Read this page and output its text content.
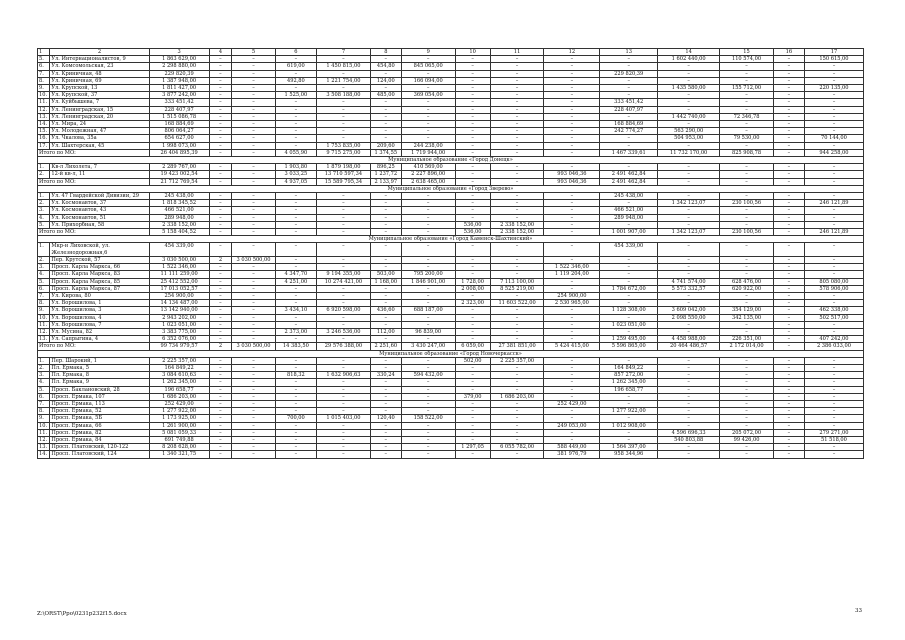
1	2	3	4	5	6	7	8	9	10	11	12	13	14	15	16	17
5.	Ул. Интернационалистов, 9	1 863 629,00	–	–	–	–	–	–	–	–	–	–	1 602 440,00	110 574,00	–	150 615,00
6.	Ул. Комсомольская, 23	2 298 880,00	–	–	619,00	1 450 815,00	454,80	845 065,00	–	–	–	–	–	–	–	–
7.	Ул. Криничная, 48	229 820,39	–	–	–	–	–	–	–	–	–	229 820,39	–	–	–	–
8.	Ул. Криничная, 69	1 387 948,00	–	–	492,80	1 221 754,00	124,00	166 094,00	–	–	–	–	–	–	–	–
9.	Ул. Крупской, 13	1 811 427,00	–	–	–	–	–	–	–	–	–	–	1 435 580,00	155 712,00	–	220 135,00
10.	Ул. Крупской, 37	3 877 242,00	–	–	1 525,00	3 508 188,00	485,00	369 054,00	–	–	–	–	–	–	–	–
11.	Ул. Куйбышева, 7	333 451,42	–	–	–	–	–	–	–	–	–	333 451,42	–	–	–	–
12.	Ул. Ленинградская, 15	228 407,97	–	–	–	–	–	–	–	–	–	228 407,97	–	–	–	–
13.	Ул. Ленинградская, 20	1 515 086,78	–	–	–	–	–	–	–	–	–	–	1 442 740,00	72 346,78	–	–
14.	Ул. Мира, 24	168 884,69	–	–	–	–	–	–	–	–	–	168 884,69	–	–	–	–
15.	Ул. Молодежная, 47	806 064,27	–	–	–	–	–	–	–	–	–	242 774,27	563 290,00	–	–	–
16.	Ул. Чкалова, 35а	654 627,00	–	–	–	–	–	–	–	–	–	–	504 953,00	79 530,00	–	70 144,00
17.	Ул. Шахтерская, 45	1 998 073,00	–	–	–	1 753 835,00	209,60	244 238,00	–	–	–	–	–	–	–	–
Итого по МО:		26 404 895,39	–	–	4 055,90	9 715 275,00	1 374,55	1 719 944,00	–	–	–	1 467 339,61	11 732 170,00	825 908,78	–	944 258,00
Муниципальное образование «Город Донецк»																
1.	Кв-л Лихолета, 7	2 289 767,00	–	–	1 903,80	1 879 198,00	896,25	410 569,00	–	–	–	–	–	–	–	–
2.	12-й кв-л, 11	19 423 002,54	–	–	3 033,25	13 710 597,34	1 237,72	2 227 896,00	–	–	993 046,36	2 491 462,84	–	–	–	–
Итого по МО:		21 712 769,54	–	–	4 937,05	15 589 795,34	2 133,97	2 638 465,00	–	–	993 046,36	2 491 462,84	–	–	–	–
Муниципальное образование «Город Зверево»																
1.	Ул. 47 Гвардейской Дивизии, 29	245 438,00	–	–	–	–	–	–	–	–	–	245 438,00	–	–	–	–
2.	Ул. Космонавтов, 37	1 818 345,52	–	–	–	–	–	–	–	–	–	–	1 342 123,07	230 100,56	–	246 121,89
3.	Ул. Космонавтов, 43	466 521,00	–	–	–	–	–	–	–	–	–	466 521,00	–	–	–	–
4.	Ул. Космонавтов, 51	289 948,00	–	–	–	–	–	–	–	–	–	289 948,00	–	–	–	–
5.	Ул. Прихорбная, 58	2 338 152,00	–	–	–	–	–	–	536,00	2 338 152,00	–	–	–	–	–	–
Итого по МО:		5 158 404,52	–	–	–	–	–	–	536,00	2 338 152,00	–	1 001 907,00	1 342 123,07	230 100,56	–	246 121,89
Муниципальное образование «Город Каменск-Шахтинский»																
1.	Мкр-н Лиховской, ул. Железнодорожная,6	454 339,00	–	–	–	–	–	–	–	–	–	454 339,00	–	–	–	–
2.	Пер. Крутской, 57	3 030 500,00	2	3 030 500,00	–	–	–	–	–	–	–	–	–	–	–	–
3.	Просп. Карла Маркса, 66	1 522 346,00	–	–	–	–	–	–	–	–	1 522 346,00	–	–	–	–	–
4.	Просп. Карла Маркса, 83	11 111 259,00	–	–	4 347,70	9 194 355,00	503,00	795 200,00	–	–	1 119 204,00	–	–	–	–	–
5.	Просп. Карла Маркса, 85	25 412 552,00	–	–	4 251,00	10 274 421,00	1 168,00	1 846 901,00	1 728,00	7 113 100,00	–	–	4 741 574,00	628 476,00	–	805 080,00
6.	Просп. Карла Маркса, 87	17 013 052,57	–	–	–	–	–	–	2 008,00	8 525 219,00	–	1 784 672,00	5 573 332,57	620 922,00	–	578 906,00
7.	Ул. Кирова, 80	254 900,00	–	–	–	–	–	–	–	–	254 900,00	–	–	–	–	–
8.	Ул. Ворошилова, 1	14 134 487,00	–	–	–	–	–	–	2 323,00	11 603 522,00	2 530 965,00	–	–	–	–	–
9.	Ул. Ворошилова, 3	13 142 940,00	–	–	3 434,10	6 920 598,00	436,60	688 187,00	–	–	–	1 128 308,00	3 609 042,00	354 129,00	–	462 338,00
10.	Ул. Ворошилова, 4	2 943 202,00	–	–	–	–	–	–	–	–	–	–	2 098 550,00	342 135,00	–	502 517,00
11.	Ул. Ворошилова, 7	1 023 051,00	–	–	–	–	–	–	–	–	–	1 023 051,00	–	–	–	–
12.	Ул. Мусина, 82	3 383 775,00	–	–	2 373,00	3 246 536,00	112,00	96 839,00	–	–	–	–	–	–	–	–
13.	Ул. Сапрыгина, 4	6 352 076,00	–	–	–	–	–	–	–	–	–	1 259 495,00	4 458 988,00	226 351,00	–	407 242,00
Итого по МО:		99 734 979,57	2	3 030 500,00	14 383,50	29 576 388,00	2 251,60	3 430 247,00	6 059,00	27 381 851,00	5 424 415,00	5 596 865,00	20 464 486,57	2 172 014,00	–	2 386 033,00
Муниципальное образование «Город Новочеркасск»																
1.	Пер. Шарокий, 1	2 225 357,00	–	–	–	–	–	–	502,00	2 225 357,00	–	–	–	–	–	–
2.	Пл. Ермака, 5	164 849,22	–	–	–	–	–	–	–	–	–	164 849,22	–	–	–	–
3.	Пл. Ермака, 8	3 084 610,63	–	–	818,32	1 632 906,63	330,24	594 432,00	–	–	–	857 272,00	–	–	–	–
4.	Пл. Ермака, 9	1 262 345,00	–	–	–	–	–	–	–	–	–	1 262 345,00	–	–	–	–
5.	Просп. Баклановский, 28	196 658,77	–	–	–	–	–	–	–	–	–	196 658,77	–	–	–	–
6.	Просп. Ермака, 107	1 686 203,00	–	–	–	–	–	–	379,00	1 686 203,00	–	–	–	–	–	–
7.	Просп. Ермака, 113	252 429,00	–	–	–	–	–	–	–	–	252 429,00	–	–	–	–	–
8.	Просп. Ермака, 52	1 277 922,00	–	–	–	–	–	–	–	–	–	1 277 922,00	–	–	–	–
9.	Просп. Ермака, 5Б	1 173 925,00	–	–	700,00	1 015 403,00	120,40	158 522,00	–	–	–	–	–	–	–	–
10.	Просп. Ермака, 66	1 261 900,00	–	–	–	–	–	–	–	–	249 053,00	1 012 908,00	–	–	–	–
11.	Просп. Ермака, 82	5 081 059,33	–	–	–	–	–	–	–	–	–	–	4 596 696,33	205 072,00	–	279 271,00
12.	Просп. Ермака, 84	691 749,88	–	–	–	–	–	–	–	–	–	–	540 803,88	99 426,00	–	51 518,00
13.	Просп. Платовский, 120-122	8 208 628,00	–	–	–	–	–	–	1 297,05	6 055 782,00	588 449,00	1 564 397,00	–	–	–	–
14.	Просп. Платовский, 124	1 340 321,75	–	–	–	–	–	–	–	–	381 976,79	958 344,96	–	–	–	–
Z:\ORST\Ppo\0231p232f15.docx	33
